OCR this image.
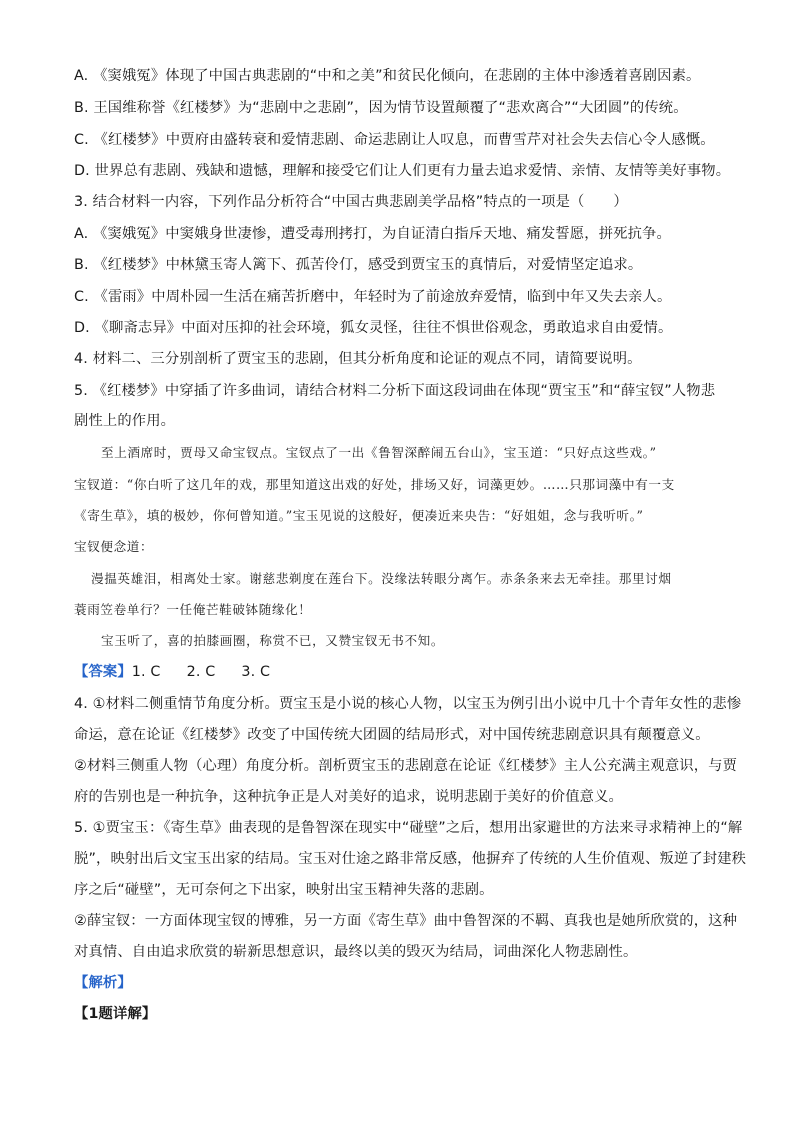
A. 《窦娥冤》体现了中国古典悲剧的“中和之美”和贫民化倾向，在悲剧的主体中渗透着喜剧因素。
B. 王国维称誉《红楼梦》为“悲剧中之悲剧”，因为情节设置颠覆了“悲欢离合”“大团圆”的传统。
C. 《红楼梦》中贾府由盛转衰和爱情悲剧、命运悲剧让人叹息，而曹雪芹对社会失去信心令人感慨。
D. 世界总有悲剧、残缺和遗憾，理解和接受它们让人们更有力量去追求爱情、亲情、友情等美好事物。
3. 结合材料一内容，下列作品分析符合“中国古典悲剧美学品格”特点的一项是（　　）
A. 《窦娥冤》中窦娥身世凄惨，遭受毒刑拷打，为自证清白指斥天地、痛发誓愿，拼死抗争。
B. 《红楼梦》中林黛玉寄人篱下、孤苦伶仃，感受到贾宝玉的真情后，对爱情坚定追求。
C. 《雷雨》中周朴园一生活在痛苦折磨中，年轻时为了前途放弃爱情，临到中年又失去亲人。
D. 《聊斋志异》中面对压抑的社会环境，狐女灵怪，往往不惧世俗观念，勇敢追求自由爱情。
4. 材料二、三分别剖析了贾宝玉的悲剧，但其分析角度和论证的观点不同，请简要说明。
5. 《红楼梦》中穿插了许多曲词，请结合材料二分析下面这段词曲在体现“贾宝玉”和“薛宝钗”人物悲
剧性上的作用。
至上酒席时，贾母又命宝钗点。宝钗点了一出《鲁智深醉闹五台山》，宝玉道：“只好点这些戏。”
宝钗道：“你白听了这几年的戏，那里知道这出戏的好处，排场又好，词藻更妙。……只那词藻中有一支
《寄生草》，填的极妙，你何曾知道。”宝玉见说的这般好，便凑近来央告：“好姐姐，念与我听听。”
宝钗便念道：
漫揾英雄泪，相离处士家。谢慈悲剃度在莲台下。没缘法转眼分离乍。赤条条来去无牵挂。那里讨烟
蓑雨笠卷单行？一任俺芒鞋破钵随缘化！
宝玉听了，喜的拍膝画圈，称赏不已，又赞宝钗无书不知。
【答案】1. C 2. C 3. C
4. ①材料二侧重情节角度分析。贾宝玉是小说的核心人物，以宝玉为例引出小说中几十个青年女性的悲惨
命运，意在论证《红楼梦》改变了中国传统大团圆的结局形式，对中国传统悲剧意识具有颠覆意义。
②材料三侧重人物（心理）角度分析。剖析贾宝玉的悲剧意在论证《红楼梦》主人公充满主观意识，与贾
府的告别也是一种抗争，这种抗争正是人对美好的追求，说明悲剧于美好的价值意义。
5. ①贾宝玉：《寄生草》曲表现的是鲁智深在现实中“碰壁”之后，想用出家避世的方法来寻求精神上的“解
脱”，映射出后文宝玉出家的结局。宝玉对仕途之路非常反感，他摒弃了传统的人生价值观、叛逆了封建秩
序之后“碰壁”，无可奈何之下出家，映射出宝玉精神失落的悲剧。
②薛宝钗：一方面体现宝钗的博雅，另一方面《寄生草》曲中鲁智深的不羁、真我也是她所欣赏的，这种
对真情、自由追求欣赏的崭新思想意识，最终以美的毁灭为结局，词曲深化人物悲剧性。
【解析】
【1题详解】
